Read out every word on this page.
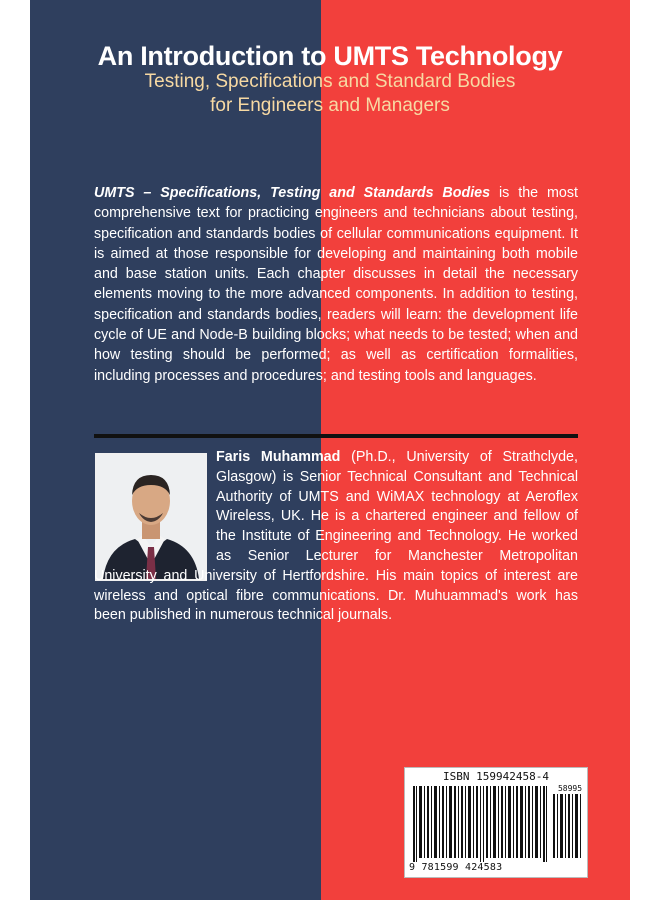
An Introduction to UMTS Technology
Testing, Specifications and Standard Bodies
for Engineers and Managers
UMTS – Specifications, Testing and Standards Bodies is the most comprehensive text for practicing engineers and technicians about testing, specification and standards bodies of cellular communications equipment. It is aimed at those responsible for developing and maintaining both mobile and base station units. Each chapter discusses in detail the necessary elements moving to the more advanced components. In addition to testing, specification and standards bodies, readers will learn: the development life cycle of UE and Node-B building blocks; what needs to be tested; when and how testing should be performed; as well as certification formalities, including processes and procedures; and testing tools and languages.
Faris Muhammad (Ph.D., University of Strathclyde, Glasgow) is Senior Technical Consultant and Technical Authority of UMTS and WiMAX technology at Aeroflex Wireless, UK. He is a chartered engineer and fellow of the Institute of Engineering and Technology. He worked as Senior Lecturer for Manchester Metropolitan University and University of Hertfordshire. His main topics of interest are wireless and optical fibre communications. Dr. Muhuammad's work has been published in numerous technical journals.
ISBN 159942458-4
58995
9 781599 424583
